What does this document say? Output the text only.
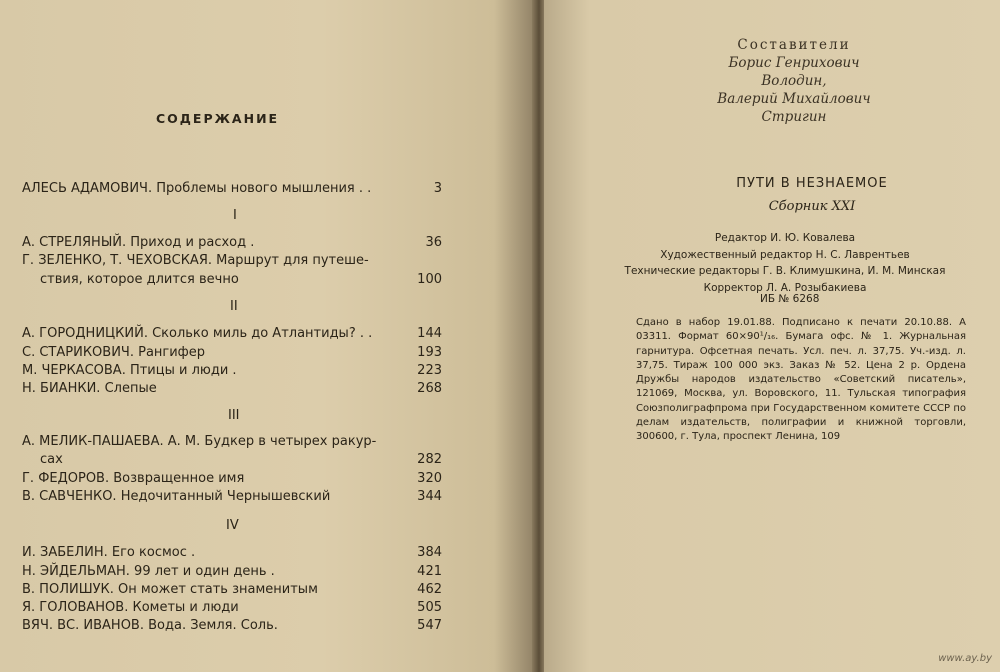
СОДЕРЖАНИЕ
АЛЕСЬ АДАМОВИЧ. Проблемы нового мышления . .	3
I
А. СТРЕЛЯНЫЙ. Приход и расход .	36
Г. ЗЕЛЕНКО, Т. ЧЕХОВСКАЯ. Маршрут для путеше-
ствия, которое длится вечно	100
II
А. ГОРОДНИЦКИЙ. Сколько миль до Атлантиды? . .	144
С. СТАРИКОВИЧ. Рангифер	193
М. ЧЕРКАСОВА. Птицы и люди .	223
Н. БИАНКИ. Слепые	268
III
А. МЕЛИК-ПАШАЕВА. А. М. Будкер в четырех ракур-
сах	282
Г. ФЕДОРОВ. Возвращенное имя	320
В. САВЧЕНКО. Недочитанный Чернышевский	344
IV
И. ЗАБЕЛИН. Его космос .	384
Н. ЭЙДЕЛЬМАН. 99 лет и один день .	421
В. ПОЛИШУК. Он может стать знаменитым	462
Я. ГОЛОВАНОВ. Кометы и люди	505
ВЯЧ. ВС. ИВАНОВ. Вода. Земля. Соль.	547
Составители
Борис Генрихович Володин,
Валерий Михайлович Стригин
ПУТИ В НЕЗНАЕМОЕ
Сборник XXI
Редактор И. Ю. Ковалева
Художественный редактор Н. С. Лаврентьев
Технические редакторы Г. В. Климушкина, И. М. Минская
Корректор Л. А. Розыбакиева
ИБ № 6268
Сдано в набор 19.01.88. Подписано к печати 20.10.88. А 03311. Формат 60×90¹/₁₆. Бумага офс. № 1. Журнальная гарнитура. Офсетная печать. Усл. печ. л. 37,75. Уч.-изд. л. 37,75. Тираж 100 000 экз. Заказ № 52. Цена 2 р. Ордена Дружбы народов издательство «Советский писатель», 121069, Москва, ул. Воровского, 11. Тульская типография Союзполиграфпрома при Государственном комитете СССР по делам издательств, полиграфии и книжной торговли, 300600, г. Тула, проспект Ленина, 109
www.ay.by
